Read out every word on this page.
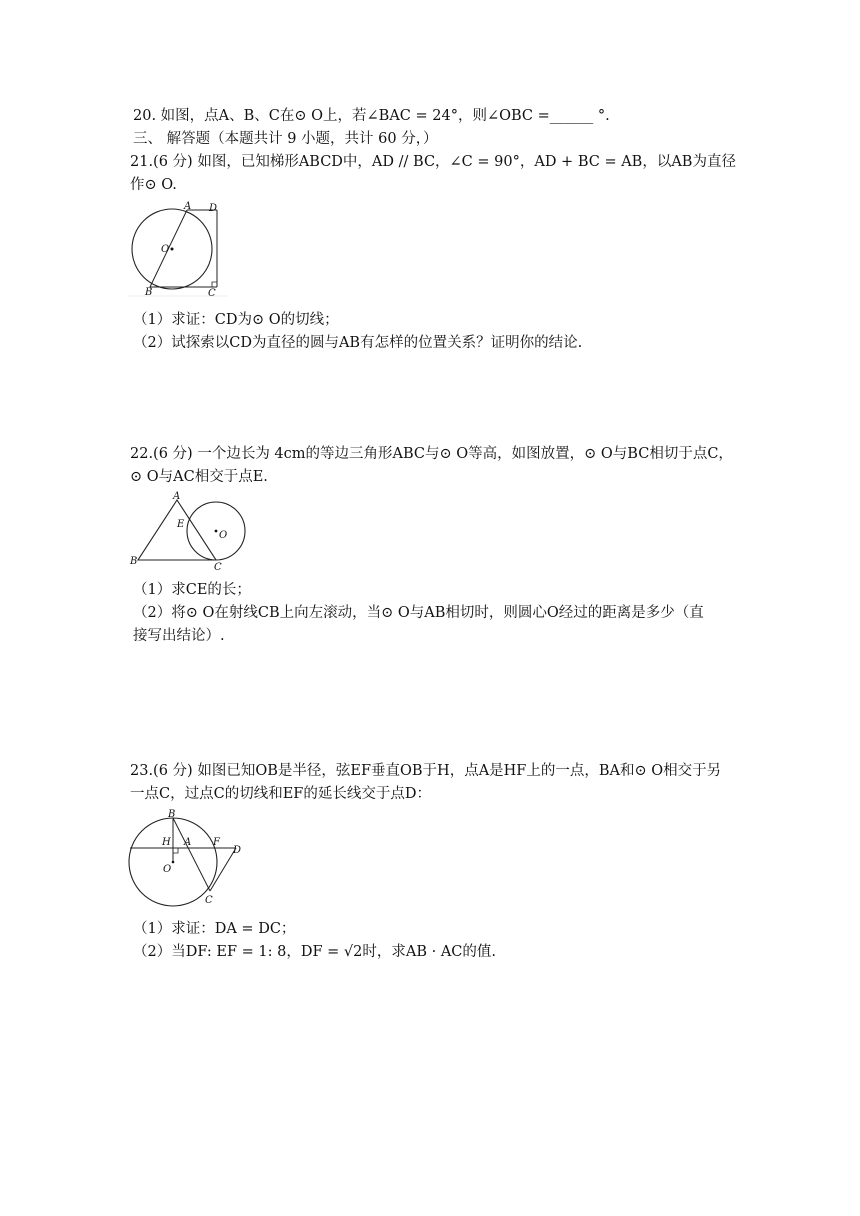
20. 如图，点A、B、C在⊙ O上，若∠BAC = 24°，则∠OBC =______ °.
三、 解答题（本题共计 9 小题，共计 60 分，）
21.(6 分) 如图，已知梯形ABCD中，AD // BC，∠C = 90°，AD + BC = AB，以AB为直径
作⊙ O.
A D
O
B	C
（1）求证：CD为⊙ O的切线；
（2）试探索以CD为直径的圆与AB有怎样的位置关系？证明你的结论.
22.(6 分) 一个边长为 4cm的等边三角形ABC与⊙ O等高，如图放置，⊙ O与BC相切于点C，
⊙ O与AC相交于点E.
A
E
O
B
C
（1）求CE的长；
（2）将⊙ O在射线CB上向左滚动，当⊙ O与AB相切时，则圆心O经过的距离是多少（直
接写出结论）.
23.(6 分) 如图已知OB是半径，弦EF垂直OB于H，点A是HF上的一点，BA和⊙ O相交于另
一点C，过点C的切线和EF的延长线交于点D：
B
H A F
D
O
C
（1）求证：DA = DC；
（2）当DF: EF = 1: 8，DF = √2时，求AB · AC的值.
